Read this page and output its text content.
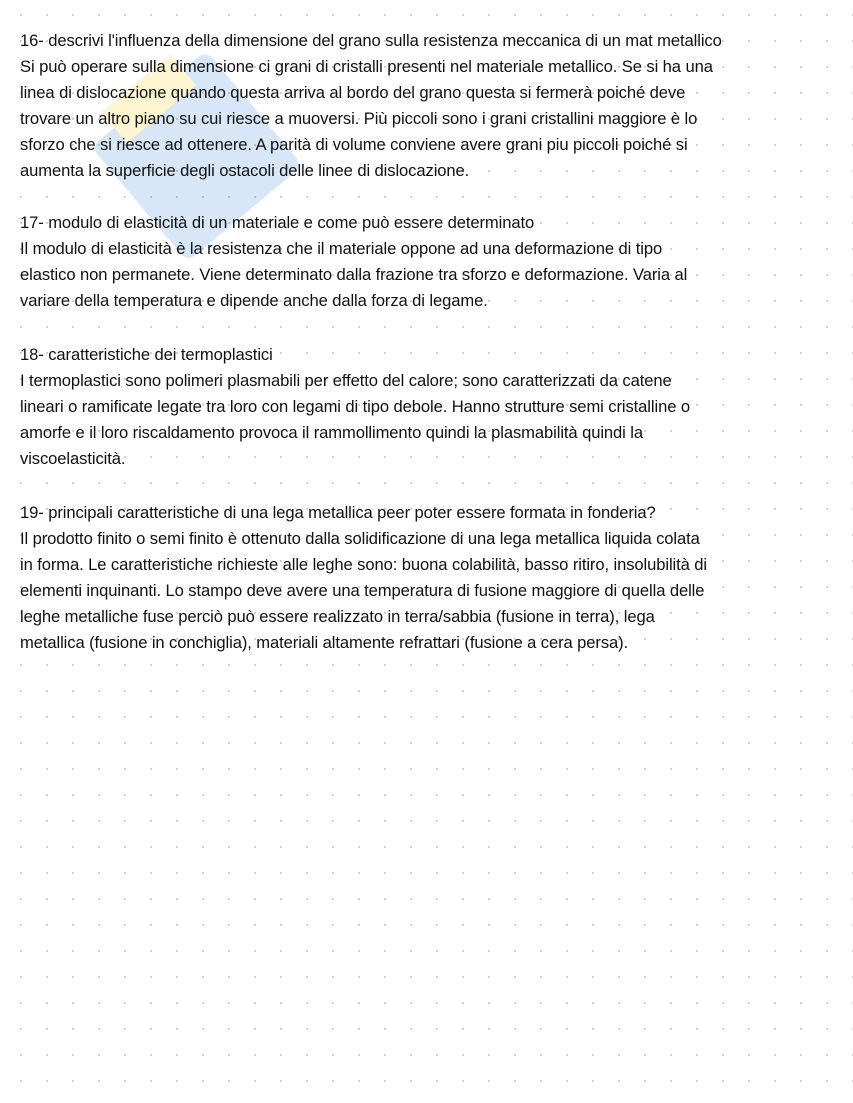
16- descrivi l'influenza della dimensione del grano sulla resistenza meccanica di un mat metallico
Si può operare sulla dimensione ci grani di cristalli presenti nel materiale metallico. Se si ha una
linea di dislocazione quando questa arriva al bordo del grano questa si fermerà poiché deve
trovare un altro piano su cui riesce a muoversi. Più piccoli sono i grani cristallini maggiore è lo
sforzo che si riesce ad ottenere. A parità di volume conviene avere grani piu piccoli poiché si
aumenta la superficie degli ostacoli delle linee di dislocazione.
17- modulo di elasticità di un materiale e come può essere determinato
Il modulo di elasticità è la resistenza che il materiale oppone ad una deformazione di tipo
elastico non permanete. Viene determinato dalla frazione tra sforzo e deformazione. Varia al
variare della temperatura e dipende anche dalla forza di legame.
18- caratteristiche dei termoplastici
I termoplastici sono polimeri plasmabili per effetto del calore; sono caratterizzati da catene
lineari o ramificate legate tra loro con legami di tipo debole. Hanno strutture semi cristalline o
amorfe e il loro riscaldamento provoca il rammollimento quindi la plasmabilità quindi la
viscoelasticità.
19- principali caratteristiche di una lega metallica peer poter essere formata in fonderia?
Il prodotto finito o semi finito è ottenuto dalla solidificazione di una lega metallica liquida colata
in forma. Le caratteristiche richieste alle leghe sono: buona colabilità, basso ritiro, insolubilità di
elementi inquinanti. Lo stampo deve avere una temperatura di fusione maggiore di quella delle
leghe metalliche fuse perciò può essere realizzato in terra/sabbia (fusione in terra), lega
metallica (fusione in conchiglia), materiali altamente refrattari (fusione a cera persa).
